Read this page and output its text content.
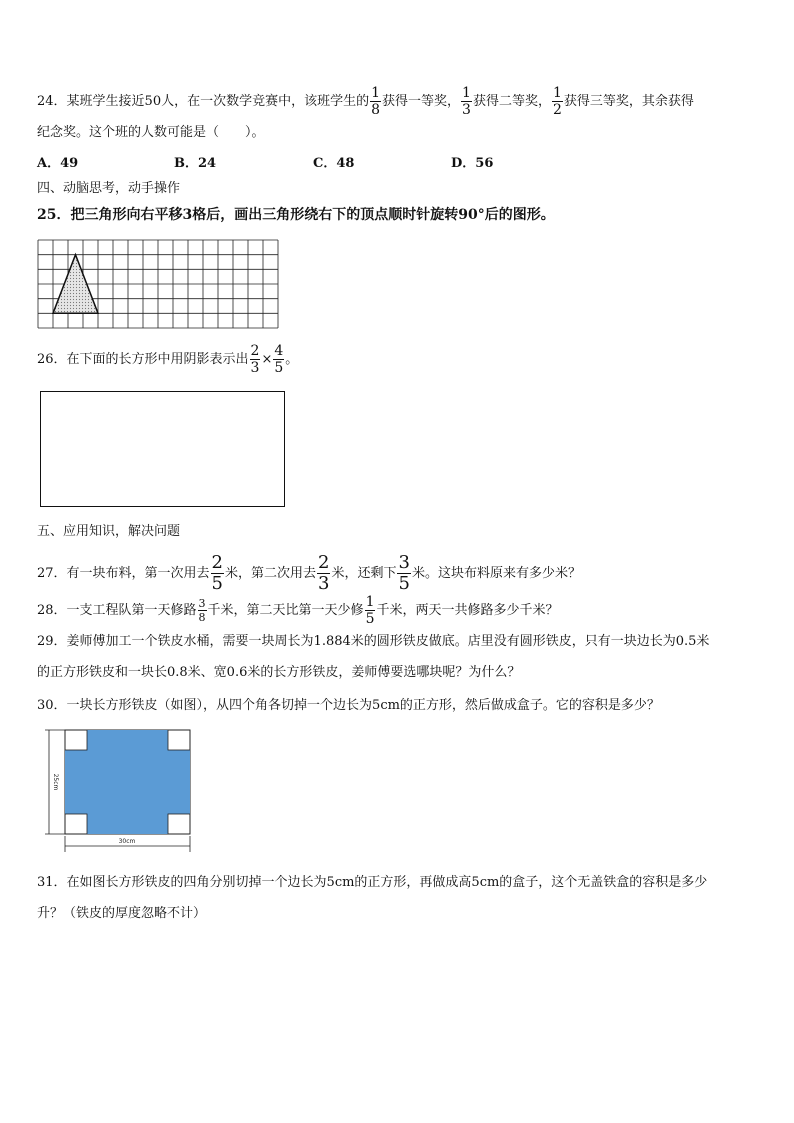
24．某班学生接近50人，在一次数学竞赛中，该班学生的 $\frac{1}{8}$ 获得一等奖， $\frac{1}{3}$ 获得二等奖， $\frac{1}{2}$ 获得三等奖，其余获得
纪念奖。这个班的人数可能是（　　）。
A．49	B．24	C．48	D．56
四、动脑思考，动手操作
25．把三角形向右平移3格后，画出三角形绕右下的顶点顺时针旋转90°后的图形。
26．在下面的长方形中用阴影表示出 $\frac{2}{3} \times \frac{4}{5}$ 。
五、应用知识，解决问题
27．有一块布料，第一次用去 $\frac{2}{5}$ 米，第二次用去 $\frac{2}{3}$ 米，还剩下 $\frac{3}{5}$ 米。这块布料原来有多少米？
28．一支工程队第一天修路 $\frac{3}{8}$ 千米，第二天比第一天少修 $\frac{1}{5}$ 千米，两天一共修路多少千米？
29．姜师傅加工一个铁皮水桶，需要一块周长为1.884米的圆形铁皮做底。店里没有圆形铁皮，只有一块边长为0.5米
的正方形铁皮和一块长0.8米、宽0.6米的长方形铁皮，姜师傅要选哪块呢？为什么？
30．一块长方形铁皮（如图），从四个角各切掉一个边长为5cm的正方形，然后做成盒子。它的容积是多少？
25cm
30cm
31．在如图长方形铁皮的四角分别切掉一个边长为5cm的正方形，再做成高5cm的盒子，这个无盖铁盒的容积是多少
升？（铁皮的厚度忽略不计）
